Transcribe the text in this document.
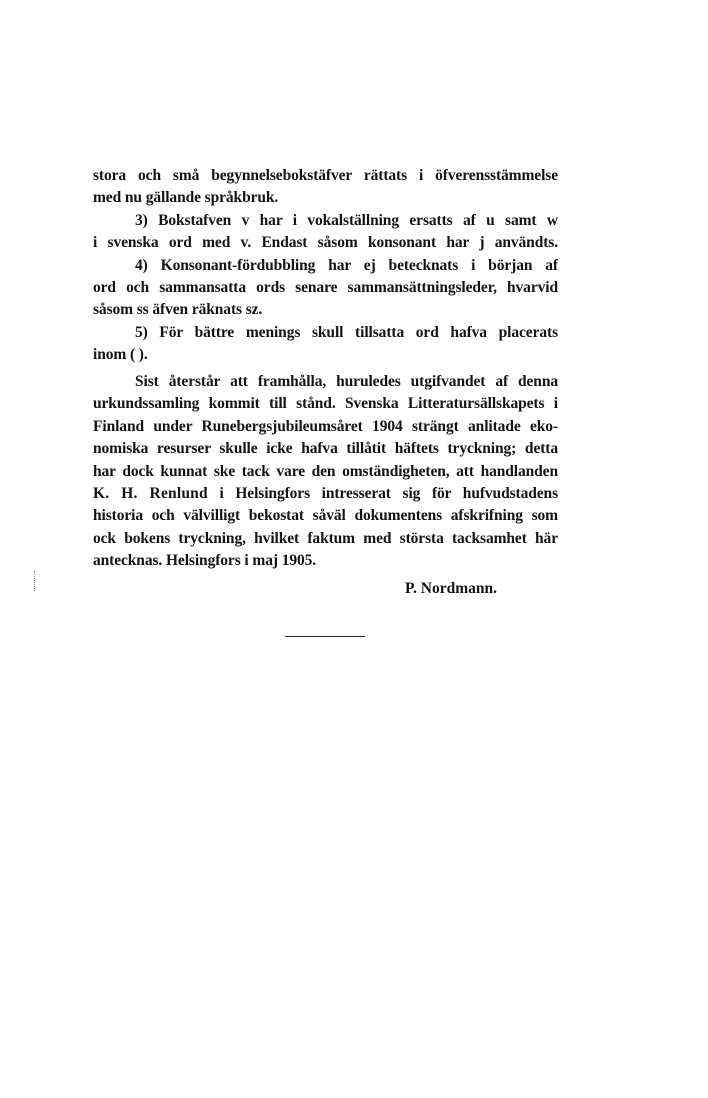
stora och små begynnelsebokstäfver rättats i öfverensstämmelse
med nu gällande språkbruk.
3) Bokstafven v har i vokalställning ersatts af u samt w
i svenska ord med v. Endast såsom konsonant har j användts.
4) Konsonant-fördubbling har ej betecknats i början af
ord och sammansatta ords senare sammansättningsleder, hvarvid
såsom ss äfven räknats sz.
5) För bättre menings skull tillsatta ord hafva placerats
inom ( ).
Sist återstår att framhålla, huruledes utgifvandet af denna
urkundssamling kommit till stånd. Svenska Litteratursällskapets i
Finland under Runebergsjubileumsåret 1904 strängt anlitade eko-
nomiska resurser skulle icke hafva tillåtit häftets tryckning; detta
har dock kunnat ske tack vare den omständigheten, att handlanden
K. H. Renlund i Helsingfors intresserat sig för hufvudstadens
historia och välvilligt bekostat såväl dokumentens afskrifning som
ock bokens tryckning, hvilket faktum med största tacksamhet här
antecknas. Helsingfors i maj 1905.
P. Nordmann.
